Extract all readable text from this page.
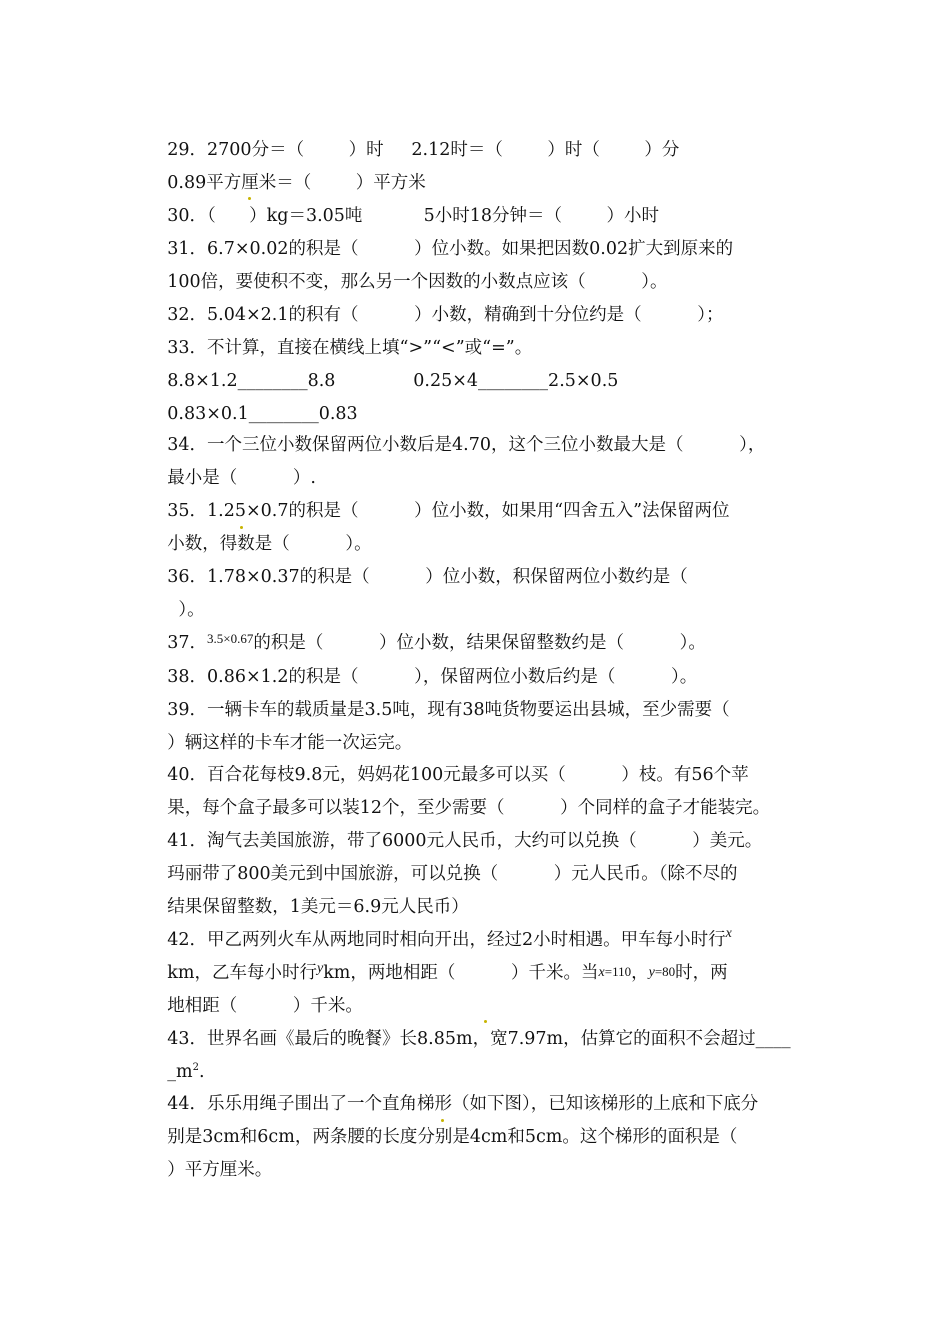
29．2700分＝（        ）时     2.12时＝（        ）时（        ）分

0.89平方厘米＝（        ）平方米

30．（      ）kg＝3.05吨           5小时18分钟＝（        ）小时

31．6.7×0.02的积是（          ）位小数。如果把因数0.02扩大到原来的

100倍，要使积不变，那么另一个因数的小数点应该（          ）。

32．5.04×2.1的积有（          ）小数，精确到十分位约是（          ）；

33．不计算，直接在横线上填“>”“<”或“=”。

8.8×1.2________8.8              0.25×4________2.5×0.5

0.83×0.1________0.83

34．一个三位小数保留两位小数后是4.70，这个三位小数最大是（          ），

最小是（          ）.

35．1.25×0.7的积是（          ）位小数，如果用“四舍五入”法保留两位

小数，得数是（          ）。

36．1.78×0.37的积是（          ）位小数，积保留两位小数约是（

）。

37．$^{3.5\times 0.67}$的积是（          ）位小数，结果保留整数约是（          ）。

38．0.86×1.2的积是（          ），保留两位小数后约是（          ）。

39．一辆卡车的载质量是3.5吨，现有38吨货物要运出县城，至少需要（

）辆这样的卡车才能一次运完。

40．百合花每枝9.8元，妈妈花100元最多可以买（          ）枝。有56个苹

果，每个盒子最多可以装12个，至少需要（          ）个同样的盒子才能装完。

41．淘气去美国旅游，带了6000元人民币，大约可以兑换（          ）美元。

玛丽带了800美元到中国旅游，可以兑换（          ）元人民币。（除不尽的

结果保留整数，1美元＝6.9元人民币）

42．甲乙两列火车从两地同时相向开出，经过2小时相遇。甲车每小时行$^x$

km，乙车每小时行$^y$km，两地相距（          ）千米。当x=110，y=80时，两

地相距（          ）千米。

43．世界名画《最后的晚餐》长8.85m，宽7.97m，估算它的面积不会超过____

$\_m^2$.

44．乐乐用绳子围出了一个直角梯形（如下图），已知该梯形的上底和下底分

别是3cm和6cm，两条腰的长度分别是4cm和5cm。这个梯形的面积是（

）平方厘米。
